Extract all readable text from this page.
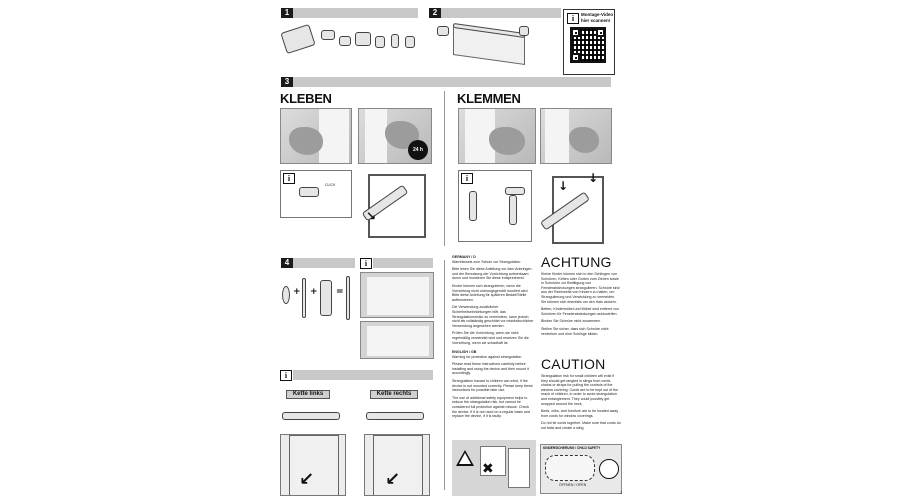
1	2
i	Montage-Video
hier scannen!
3
KLEBEN	KLEMMEN
24 h
i
CLICK
↘
i
↓
↓
4
+ + =
i
i
Kette links	Kette rechts
↙	↙
GERMANY / D
Warnhinweis zum Schutz vor Strangulation
Bitte lesen Sie diese Anleitung vor dem Anbringen und der Benutzung der Vorrichtung aufmerksam durch und montieren Sie diese entsprechend.
Kinder können sich strangulieren, wenn die Vorrichtung nicht ordnungsgemäß montiert wird. Bitte diese Anleitung für späteren Bedarf/Stelle aufbewahren.
Die Verwendung zusätzlicher Sicherheitseinrichtungen hilft, das Strangulationsrisiko zu vermindern, kann jedoch nicht als vollständig geschützt vor missbräuchlicher Verwendung angesehen werden.
Prüfen Sie die Vorrichtung, wenn sie nicht regelmäßig verwendet wird und ersetzen Sie die Vorrichtung, wenn sie schadhaft ist.
ENGLISH / GB
Warning for protection against strangulation
Please read these instructions carefully before installing and using the device and then mount it accordingly.
Strangulation hazard to children can exist, if the device is not mounted correctly. Please keep these instructions for possible later use.
The use of additional safety equipment helps to reduce the strangulation risk, but cannot be considered full protection against misuse. Check the device, if it is not used on a regular basis and replace the device, if it is faulty.
ACHTUNG
Kleine Kinder können sich in den Schlingen von Schnüren, Ketten oder Gurten zum Ziehen sowie in Schnüren zur Betätigung von Fensterabdeckungen strangulieren. Schnüre sind aus der Reichweite von Kindern zu halten, um Strangulierung und Verwicklung zu vermeiden. Sie können sich ebenfalls um den Hals wickeln.
Betten, Kindermöbel und Möbel sind entfernt von Schnüren für Fensterabdeckungen aufzustellen.
Binden Sie Schnüre nicht zusammen.
Stellen Sie sicher, dass sich Schnüre nicht verdrehen und eine Schlinge bilden.
CAUTION
Strangulation risk for small children will exist if they should get tangled in slings from cords, chains or straps for pulling the controls of the window covering. Cords are to be kept out of the reach of children, in order to avoid strangulation and entanglement. They could possibly get wrapped around the neck.
Beds, cribs, and furniture are to be located away from cords for window coverings.
Do not tie cords together. Make sure that cords do not twist and create a sling.
✖
KINDERSICHERUNG / CHILD SAFETY
ÖFFNEN / OPEN
1
